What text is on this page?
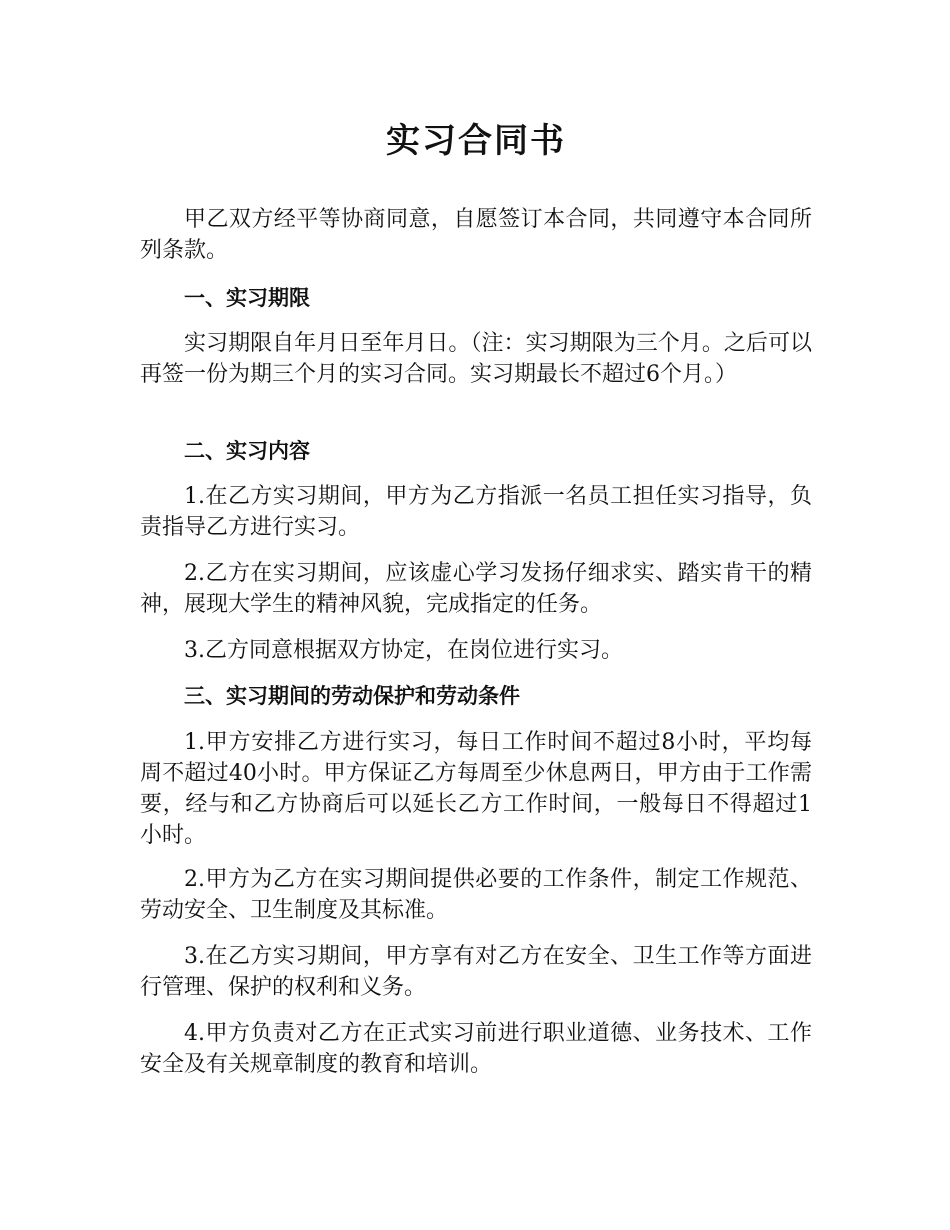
实习合同书
甲乙双方经平等协商同意，自愿签订本合同，共同遵守本合同所列条款。
一、实习期限
实习期限自年月日至年月日。（注：实习期限为三个月。之后可以再签一份为期三个月的实习合同。实习期最长不超过6个月。）
二、实习内容
1.在乙方实习期间，甲方为乙方指派一名员工担任实习指导，负责指导乙方进行实习。
2.乙方在实习期间，应该虚心学习发扬仔细求实、踏实肯干的精神，展现大学生的精神风貌，完成指定的任务。
3.乙方同意根据双方协定，在岗位进行实习。
三、实习期间的劳动保护和劳动条件
1.甲方安排乙方进行实习，每日工作时间不超过8小时，平均每周不超过40小时。甲方保证乙方每周至少休息两日，甲方由于工作需要，经与和乙方协商后可以延长乙方工作时间，一般每日不得超过1小时。
2.甲方为乙方在实习期间提供必要的工作条件，制定工作规范、劳动安全、卫生制度及其标准。
3.在乙方实习期间，甲方享有对乙方在安全、卫生工作等方面进行管理、保护的权利和义务。
4.甲方负责对乙方在正式实习前进行职业道德、业务技术、工作安全及有关规章制度的教育和培训。
